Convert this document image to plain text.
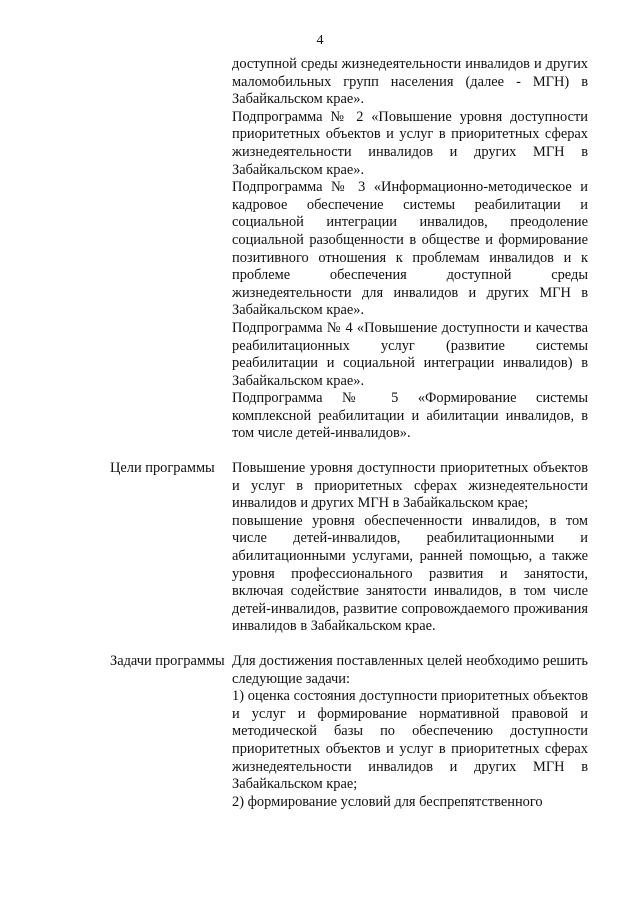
4

доступной среды жизнедеятельности инвалидов и других маломобильных групп населения (далее - МГН) в Забайкальском крае».

Подпрограмма № 2 «Повышение уровня доступности приоритетных объектов и услуг в приоритетных сферах жизнедеятельности инвалидов и других МГН в Забайкальском крае».

Подпрограмма № 3 «Информационно-методическое и кадровое обеспечение системы реабилитации и социальной интеграции инвалидов, преодоление социальной разобщенности в обществе и формирование позитивного отношения к проблемам инвалидов и к проблеме обеспечения доступной среды жизнедеятельности для инвалидов и других МГН в Забайкальском крае».

Подпрограмма № 4 «Повышение доступности и качества реабилитационных услуг (развитие системы реабилитации и социальной интеграции инвалидов) в Забайкальском крае».

Подпрограмма № 5 «Формирование системы комплексной реабилитации и абилитации инвалидов, в том числе детей-инвалидов».

Цели программы	Повышение уровня доступности приоритетных объектов и услуг в приоритетных сферах жизнедеятельности инвалидов и других МГН в Забайкальском крае;

повышение уровня обеспеченности инвалидов, в том числе детей-инвалидов, реабилитационными и абилитационными услугами, ранней помощью, а также уровня профессионального развития и занятости, включая содействие занятости инвалидов, в том числе детей-инвалидов, развитие сопровождаемого проживания инвалидов в Забайкальском крае.

Задачи программы Для достижения поставленных целей необходимо решить следующие задачи:

1) оценка состояния доступности приоритетных объектов и услуг и формирование нормативной правовой и методической базы по обеспечению доступности приоритетных объектов и услуг в приоритетных сферах жизнедеятельности инвалидов и других МГН в Забайкальском крае;

2) формирование условий для беспрепятственного
